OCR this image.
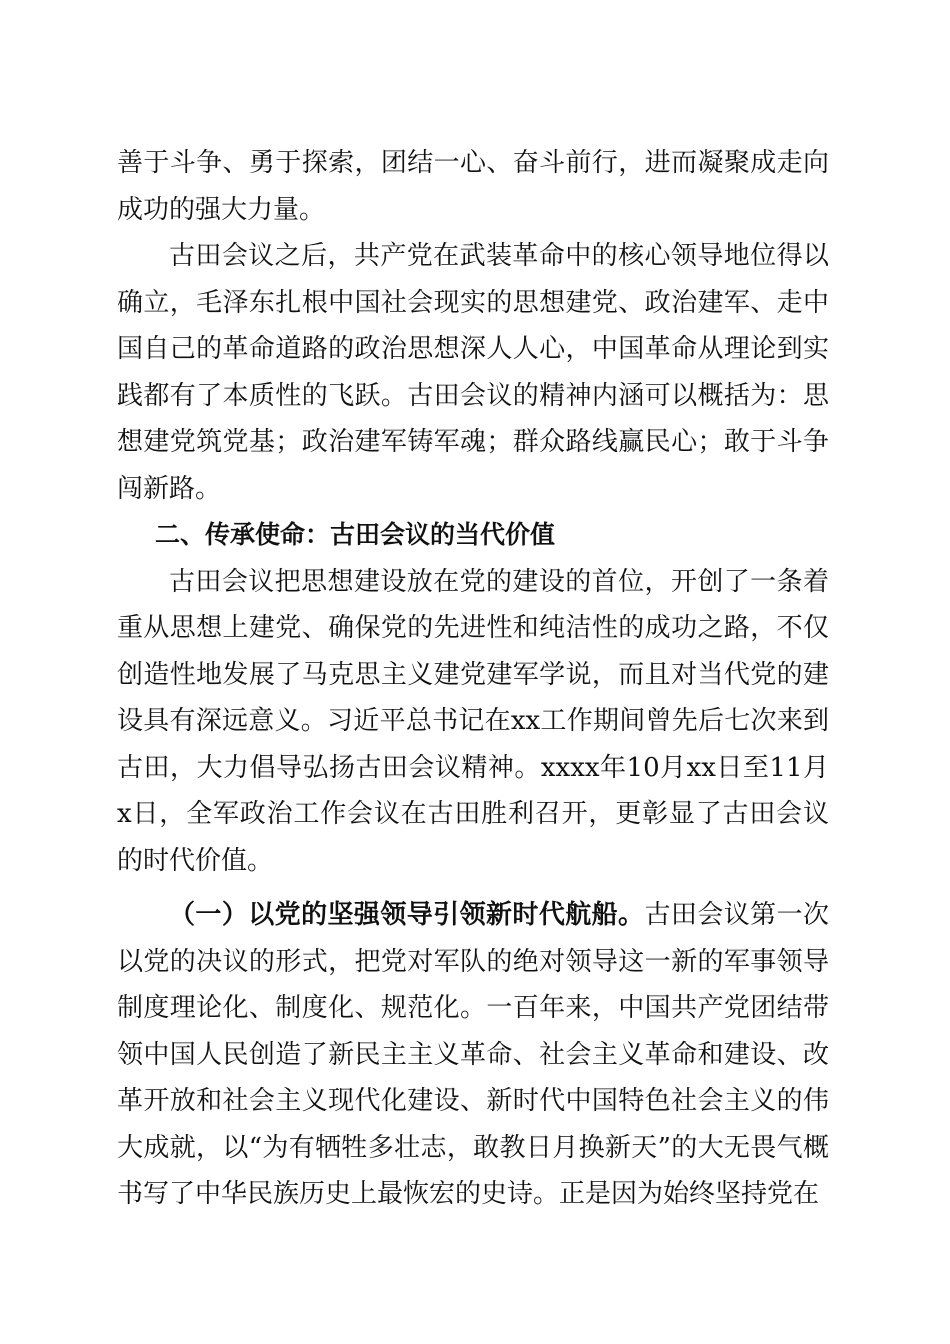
善于斗争、勇于探索，团结一心、奋斗前行，进而凝聚成走向成功的强大力量。

古田会议之后，共产党在武装革命中的核心领导地位得以确立，毛泽东扎根中国社会现实的思想建党、政治建军、走中国自己的革命道路的政治思想深人人心，中国革命从理论到实践都有了本质性的飞跃。古田会议的精神内涵可以概括为：思想建党筑党基；政治建军铸军魂；群众路线赢民心；敢于斗争闯新路。

二、传承使命：古田会议的当代价值

古田会议把思想建设放在党的建设的首位，开创了一条着重从思想上建党、确保党的先进性和纯洁性的成功之路，不仅创造性地发展了马克思主义建党建军学说，而且对当代党的建设具有深远意义。习近平总书记在xx工作期间曾先后七次来到古田，大力倡导弘扬古田会议精神。xxxx年10月xx日至11月x日，全军政治工作会议在古田胜利召开，更彰显了古田会议的时代价值。

（一）以党的坚强领导引领新时代航船。古田会议第一次以党的决议的形式，把党对军队的绝对领导这一新的军事领导制度理论化、制度化、规范化。一百年来，中国共产党团结带领中国人民创造了新民主主义革命、社会主义革命和建设、改革开放和社会主义现代化建设、新时代中国特色社会主义的伟大成就，以“为有牺牲多壮志，敢教日月换新天”的大无畏气概书写了中华民族历史上最恢宏的史诗。正是因为始终坚持党在
